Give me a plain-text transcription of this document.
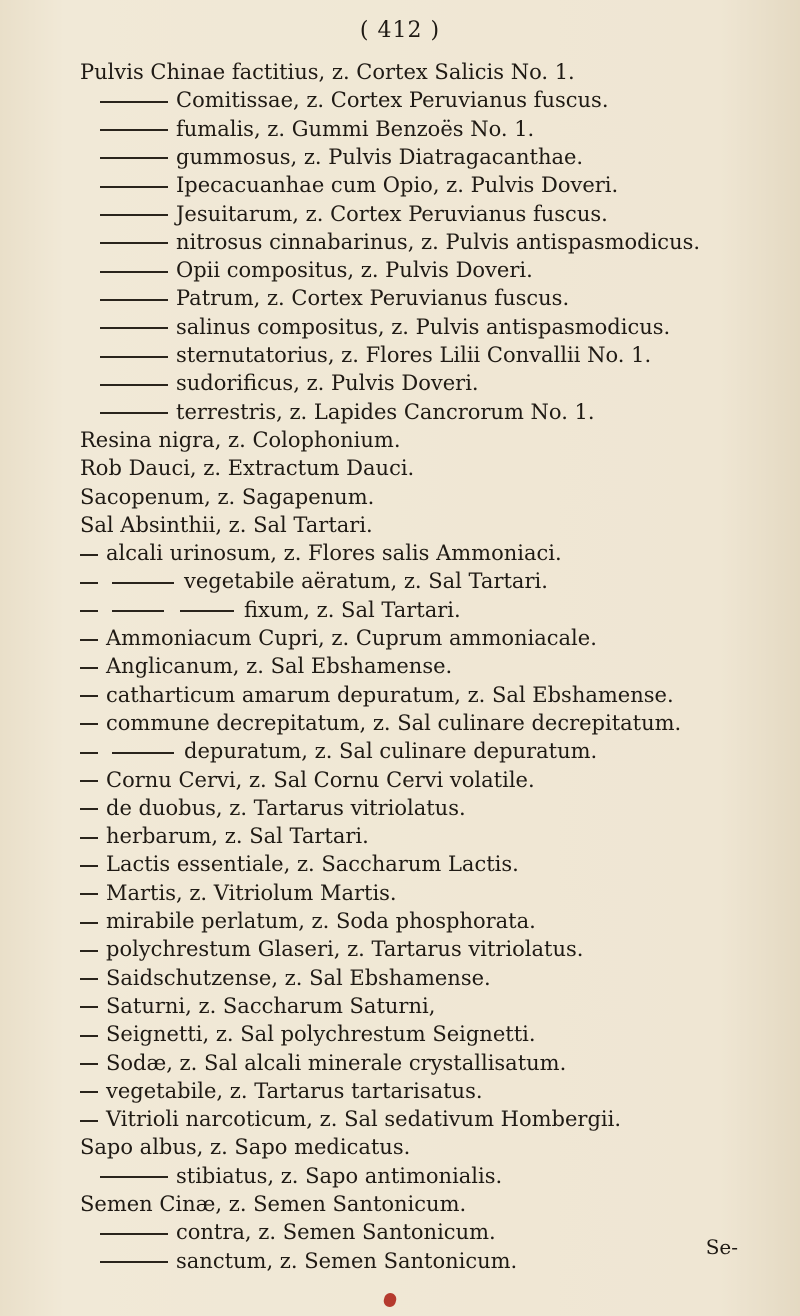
( 412 )
Pulvis Chinae factitius, z. Cortex Salicis No. 1.
Comitissae, z. Cortex Peruvianus fuscus.
fumalis, z. Gummi Benzoës No. 1.
gummosus, z. Pulvis Diatragacanthae.
Ipecacuanhae cum Opio, z. Pulvis Doveri.
Jesuitarum, z. Cortex Peruvianus fuscus.
nitrosus cinnabarinus, z. Pulvis antispasmodicus.
Opii compositus, z. Pulvis Doveri.
Patrum, z. Cortex Peruvianus fuscus.
salinus compositus, z. Pulvis antispasmodicus.
sternutatorius, z. Flores Lilii Convallii No. 1.
sudorificus, z. Pulvis Doveri.
terrestris, z. Lapides Cancrorum No. 1.
Resina nigra, z. Colophonium.
Rob Dauci, z. Extractum Dauci.
Sacopenum, z. Sagapenum.
Sal Absinthii, z. Sal Tartari.
alcali urinosum, z. Flores salis Ammoniaci.
vegetabile aëratum, z. Sal Tartari.
fixum, z. Sal Tartari.
Ammoniacum Cupri, z. Cuprum ammoniacale.
Anglicanum, z. Sal Ebshamense.
catharticum amarum depuratum, z. Sal Ebshamense.
commune decrepitatum, z. Sal culinare decrepitatum.
depuratum, z. Sal culinare depuratum.
Cornu Cervi, z. Sal Cornu Cervi volatile.
de duobus, z. Tartarus vitriolatus.
herbarum, z. Sal Tartari.
Lactis essentiale, z. Saccharum Lactis.
Martis, z. Vitriolum Martis.
mirabile perlatum, z. Soda phosphorata.
polychrestum Glaseri, z. Tartarus vitriolatus.
Saidschutzense, z. Sal Ebshamense.
Saturni, z. Saccharum Saturni,
Seignetti, z. Sal polychrestum Seignetti.
Sodæ, z. Sal alcali minerale crystallisatum.
vegetabile, z. Tartarus tartarisatus.
Vitrioli narcoticum, z. Sal sedativum Hombergii.
Sapo albus, z. Sapo medicatus.
stibiatus, z. Sapo antimonialis.
Semen Cinæ, z. Semen Santonicum.
contra, z. Semen Santonicum.
sanctum, z. Semen Santonicum.
Se-
